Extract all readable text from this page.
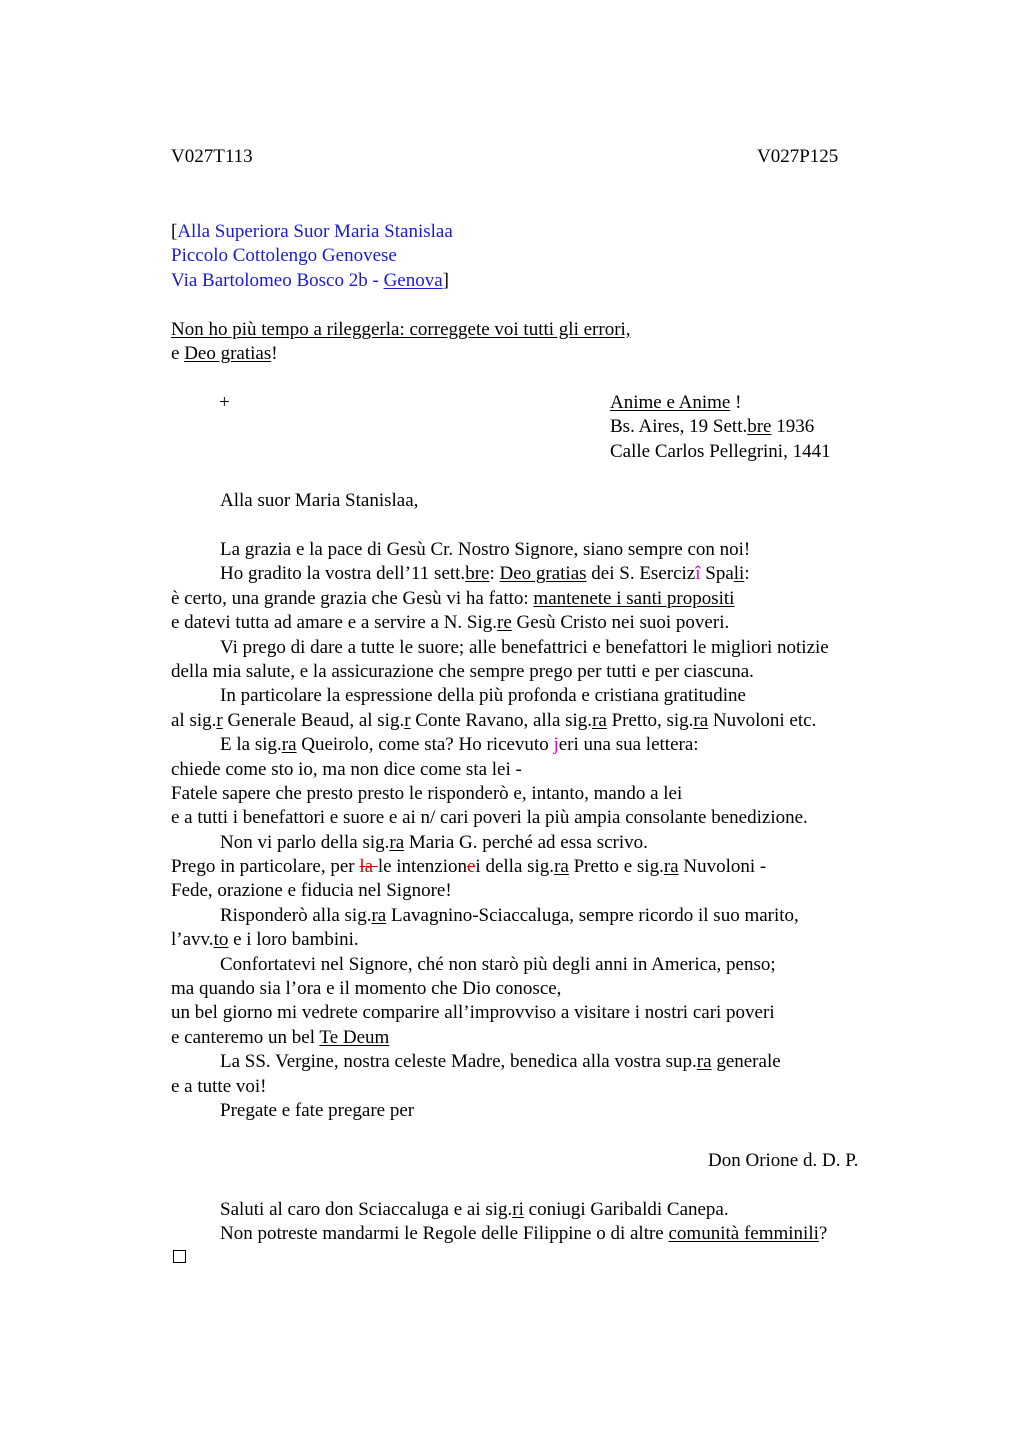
V027T113	V027P125
[Alla Superiora Suor Maria Stanislaa
Piccolo Cottolengo Genovese
Via Bartolomeo Bosco 2b - Genova]
Non ho più tempo a rileggerla: correggete voi tutti gli errori,
e Deo gratias!
+	Anime e Anime !
Bs. Aires, 19 Sett.bre 1936
Calle Carlos Pellegrini, 1441
Alla suor Maria Stanislaa,
La grazia e la pace di Gesù Cr. Nostro Signore, siano sempre con noi!
Ho gradito la vostra dell’11 sett.bre: Deo gratias dei S. Esercizî Spali:
è certo, una grande grazia che Gesù vi ha fatto: mantenete i santi propositi
e datevi tutta ad amare e a servire a N. Sig.re Gesù Cristo nei suoi poveri.
Vi prego di dare a tutte le suore; alle benefattrici e benefattori le migliori notizie
della mia salute, e la assicurazione che sempre prego per tutti e per ciascuna.
In particolare la espressione della più profonda e cristiana gratitudine
al sig.r Generale Beaud, al sig.r Conte Ravano, alla sig.ra Pretto, sig.ra Nuvoloni etc.
E la sig.ra Queirolo, come sta? Ho ricevuto jeri una sua lettera:
chiede come sto io, ma non dice come sta lei -
Fatele sapere che presto presto le risponderò e, intanto, mando a lei
e a tutti i benefattori e suore e ai n/ cari poveri la più ampia consolante benedizione.
Non vi parlo della sig.ra Maria G. perché ad essa scrivo.
Prego in particolare, per la le intenzionei della sig.ra Pretto e sig.ra Nuvoloni -
Fede, orazione e fiducia nel Signore!
Risponderò alla sig.ra Lavagnino-Sciaccaluga, sempre ricordo il suo marito,
l’avv.to e i loro bambini.
Confortatevi nel Signore, ché non starò più degli anni in America, penso;
ma quando sia l’ora e il momento che Dio conosce,
un bel giorno mi vedrete comparire all’improvviso a visitare i nostri cari poveri
e canteremo un bel Te Deum
La SS. Vergine, nostra celeste Madre, benedica alla vostra sup.ra generale
e a tutte voi!
Pregate e fate pregare per
Don Orione d. D. P.
Saluti al caro don Sciaccaluga e ai sig.ri coniugi Garibaldi Canepa.
Non potreste mandarmi le Regole delle Filippine o di altre comunità femminili?
